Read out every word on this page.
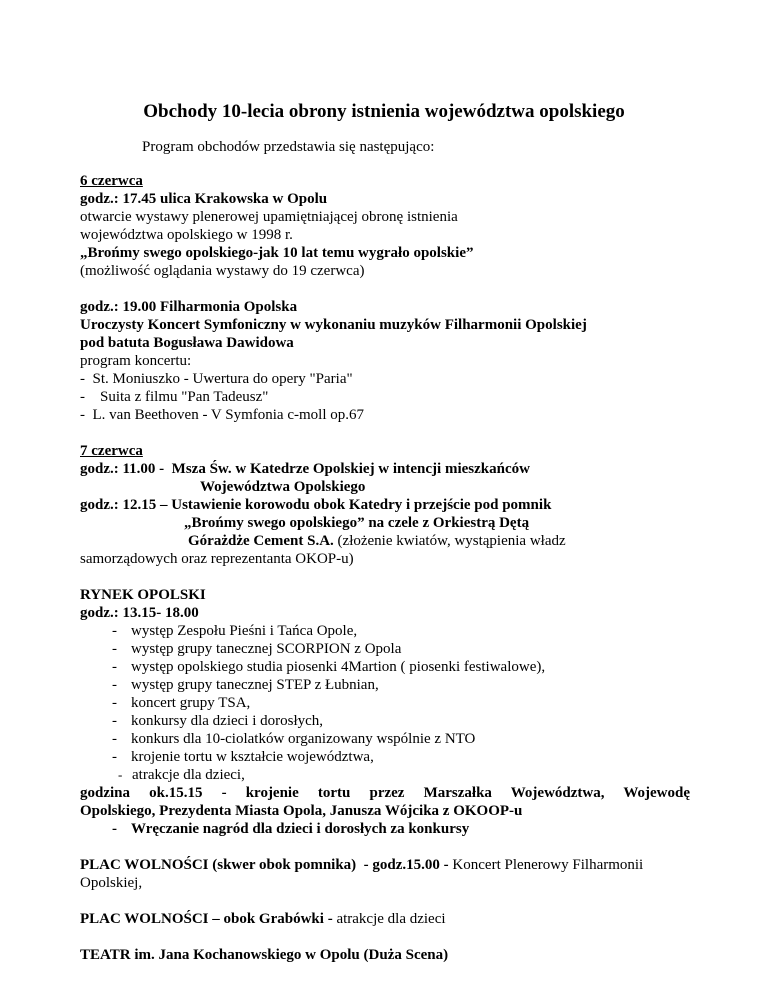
Obchody 10-lecia obrony istnienia województwa opolskiego

Program obchodów przedstawia się następująco:

6 czerwca

godz.: 17.45 ulica Krakowska w Opolu

otwarcie wystawy plenerowej upamiętniającej obronę istnienia

województwa opolskiego w 1998 r.

„Brońmy swego opolskiego-jak 10 lat temu wygrało opolskie”

(możliwość oglądania wystawy do 19 czerwca)

godz.: 19.00 Filharmonia Opolska

Uroczysty Koncert Symfoniczny w wykonaniu muzyków Filharmonii Opolskiej

pod batuta Bogusława Dawidowa

program koncertu:

-  St. Moniuszko - Uwertura do opery "Paria"

-    Suita z filmu "Pan Tadeusz"

-  L. van Beethoven - V Symfonia c-moll op.67

7 czerwca

godz.: 11.00 -  Msza Św. w Katedrze Opolskiej w intencji mieszkańców

Województwa Opolskiego

godz.: 12.15 – Ustawienie korowodu obok Katedry i przejście pod pomnik

„Brońmy swego opolskiego” na czele z Orkiestrą Dętą

Górażdże Cement S.A. (złożenie kwiatów, wystąpienia władz

samorządowych oraz reprezentanta OKOP-u)

RYNEK OPOLSKI

godz.: 13.15- 18.00

- występ Zespołu Pieśni i Tańca Opole,
- występ grupy tanecznej SCORPION z Opola
- występ opolskiego studia piosenki 4Martion ( piosenki festiwalowe),
- występ grupy tanecznej STEP z Łubnian,
- koncert grupy TSA,
- konkursy dla dzieci i dorosłych,
- konkurs dla 10-ciolatków organizowany wspólnie z NTO
- krojenie tortu w kształcie województwa,
- atrakcje dla dzieci,

godzina ok.15.15 - krojenie tortu przez Marszałka Województwa, Wojewodę

Opolskiego, Prezydenta Miasta Opola, Janusza Wójcika z OKOOP-u

- Wręczanie nagród dla dzieci i dorosłych za konkursy

PLAC WOLNOŚCI (skwer obok pomnika)  - godz.15.00 - Koncert Plenerowy Filharmonii

Opolskiej,

PLAC WOLNOŚCI – obok Grabówki - atrakcje dla dzieci

TEATR im. Jana Kochanowskiego w Opolu (Duża Scena)
